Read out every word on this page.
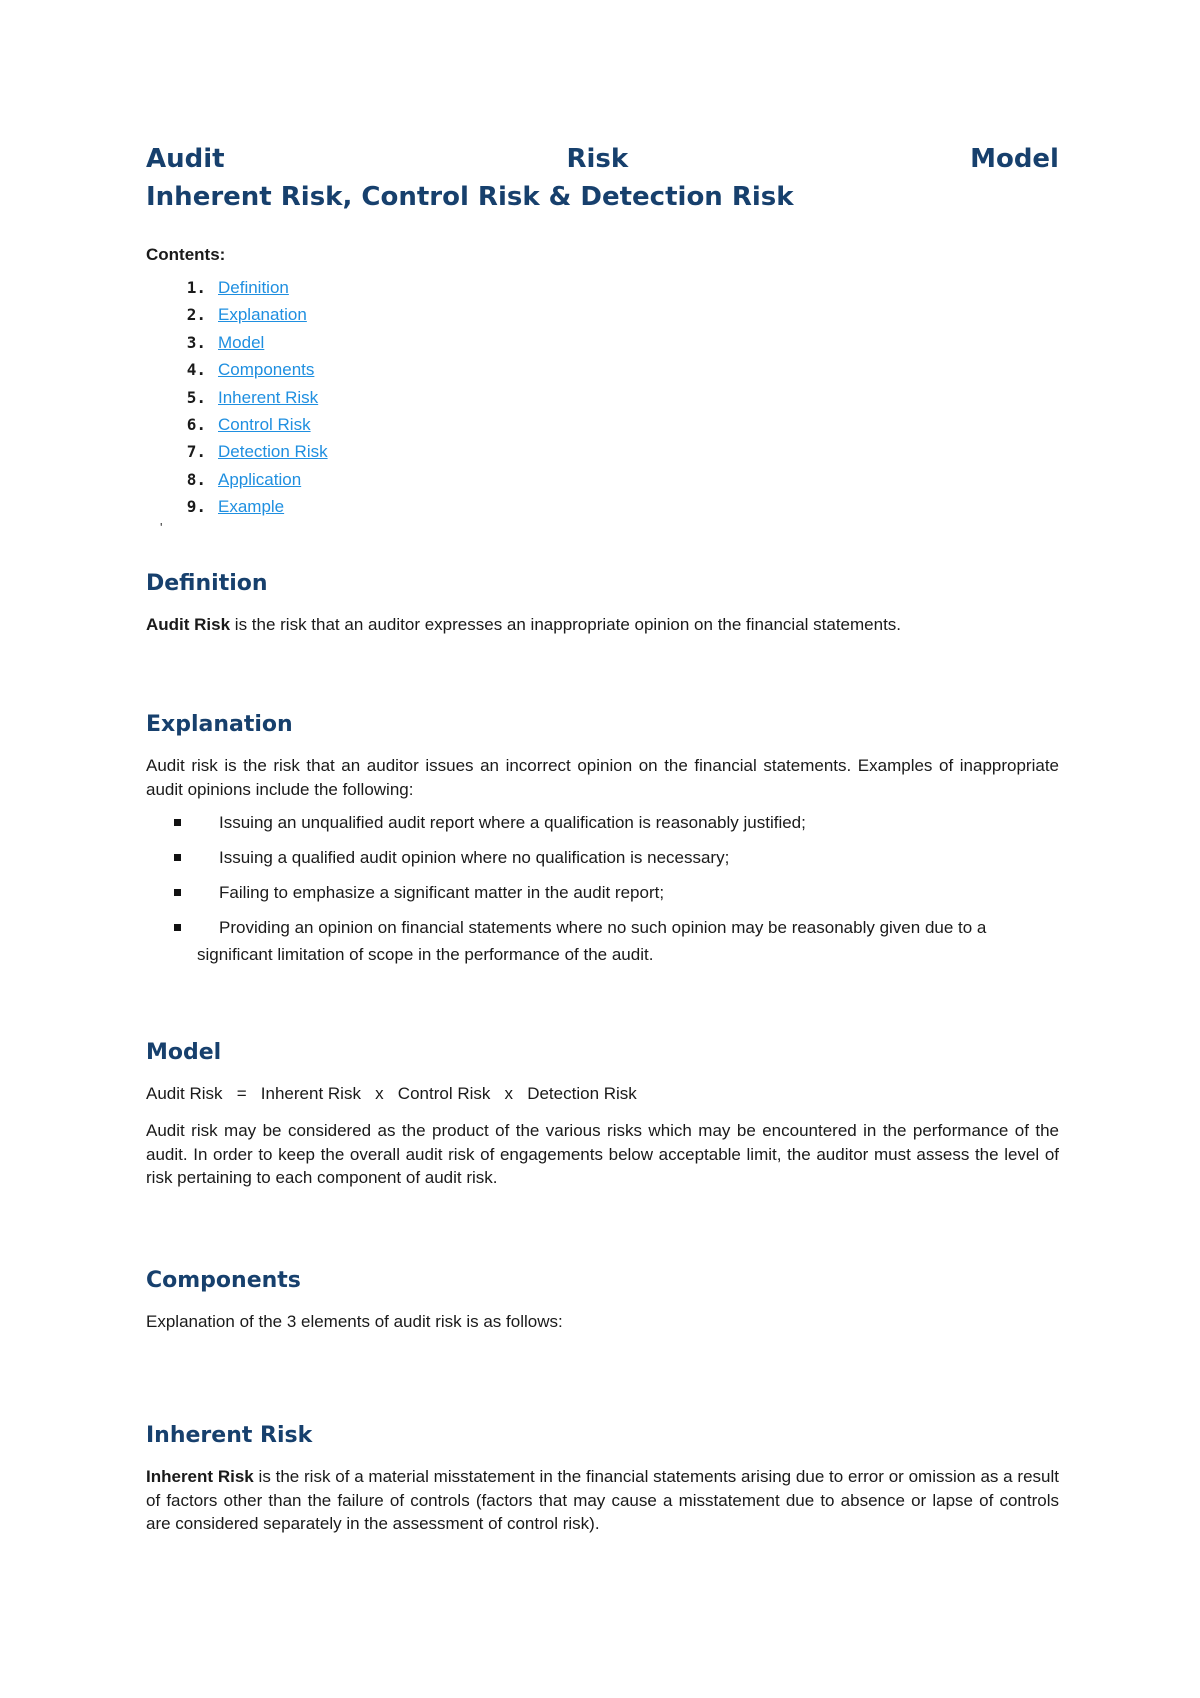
Audit	Risk	Model
Inherent Risk, Control Risk & Detection Risk
Contents:
1. Definition
2. Explanation
3. Model
4. Components
5. Inherent Risk
6. Control Risk
7. Detection Risk
8. Application
9. Example
'
Definition

Audit Risk is the risk that an auditor expresses an inappropriate opinion on the financial statements.

Explanation

Audit risk is the risk that an auditor issues an incorrect opinion on the financial statements. Examples of inappropriate audit opinions include the following:

Issuing an unqualified audit report where a qualification is reasonably justified;
Issuing a qualified audit opinion where no qualification is necessary;
Failing to emphasize a significant matter in the audit report;
Providing an opinion on financial statements where no such opinion may be reasonably given due to a
significant limitation of scope in the performance of the audit.
Model
Audit Risk   =   Inherent Risk   x   Control Risk   x   Detection Risk

Audit risk may be considered as the product of the various risks which may be encountered in the performance of the audit. In order to keep the overall audit risk of engagements below acceptable limit, the auditor must assess the level of risk pertaining to each component of audit risk.

Components

Explanation of the 3 elements of audit risk is as follows:

Inherent Risk

Inherent Risk is the risk of a material misstatement in the financial statements arising due to error or omission as a result of factors other than the failure of controls (factors that may cause a misstatement due to absence or lapse of controls are considered separately in the assessment of control risk).
